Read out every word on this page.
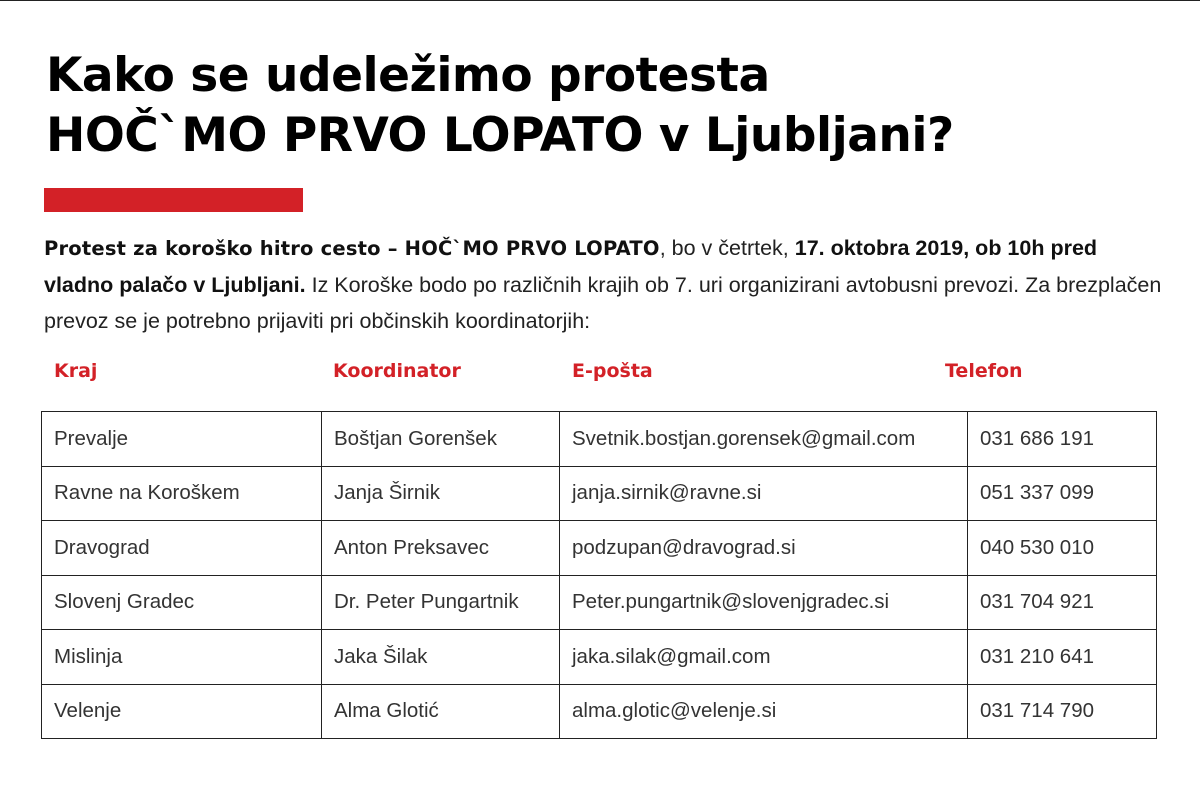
Kako se udeležimo protesta
HOČ`MO PRVO LOPATO v Ljubljani?

Protest za koroško hitro cesto – HOČ`MO PRVO LOPATO, bo v četrtek, 17. oktobra 2019, ob 10h pred vladno palačo v Ljubljani. Iz Koroške bodo po različnih krajih ob 7. uri organizirani avtobusni prevozi. Za brezplačen prevoz se je potrebno prijaviti pri občinskih koordinatorjih:

Kraj	Koordinator	E-pošta	Telefon
Prevalje	Boštjan Gorenšek	Svetnik.bostjan.gorensek@gmail.com	031 686 191
Ravne na Koroškem	Janja Širnik	janja.sirnik@ravne.si	051 337 099
Dravograd	Anton Preksavec	podzupan@dravograd.si	040 530 010
Slovenj Gradec	Dr. Peter Pungartnik	Peter.pungartnik@slovenjgradec.si	031 704 921
Mislinja	Jaka Šilak	jaka.silak@gmail.com	031 210 641
Velenje	Alma Glotić	alma.glotic@velenje.si	031 714 790
